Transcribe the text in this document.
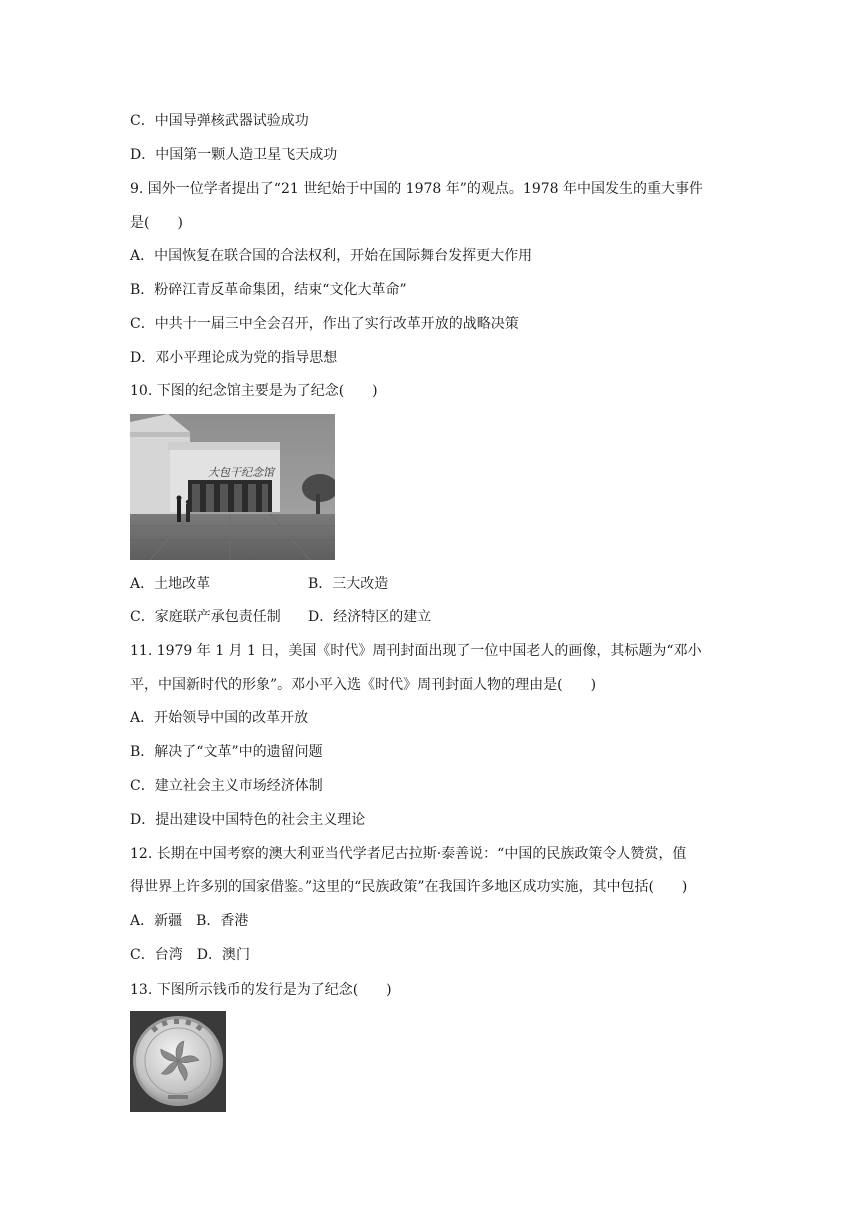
C．中国导弹核武器试验成功
D．中国第一颗人造卫星飞天成功
9. 国外一位学者提出了“21 世纪始于中国的 1978 年”的观点。1978 年中国发生的重大事件
是(　　)
A．中国恢复在联合国的合法权利，开始在国际舞台发挥更大作用
B．粉碎江青反革命集团，结束“文化大革命”
C．中共十一届三中全会召开，作出了实行改革开放的战略决策
D．邓小平理论成为党的指导思想
10. 下图的纪念馆主要是为了纪念(　　)
大包干纪念馆
A．土地改革	B．三大改造
C．家庭联产承包责任制 D．经济特区的建立
11. 1979 年 1 月 1 日，美国《时代》周刊封面出现了一位中国老人的画像，其标题为“邓小
平，中国新时代的形象”。邓小平入选《时代》周刊封面人物的理由是(　　)
A．开始领导中国的改革开放
B．解决了“文革”中的遗留问题
C．建立社会主义市场经济体制
D．提出建设中国特色的社会主义理论
12. 长期在中国考察的澳大利亚当代学者尼古拉斯·泰善说：“中国的民族政策令人赞赏，值
得世界上许多别的国家借鉴。”这里的“民族政策”在我国许多地区成功实施，其中包括(　　)
A．新疆 B．香港
C．台湾 D．澳门
13. 下图所示钱币的发行是为了纪念(　　)
